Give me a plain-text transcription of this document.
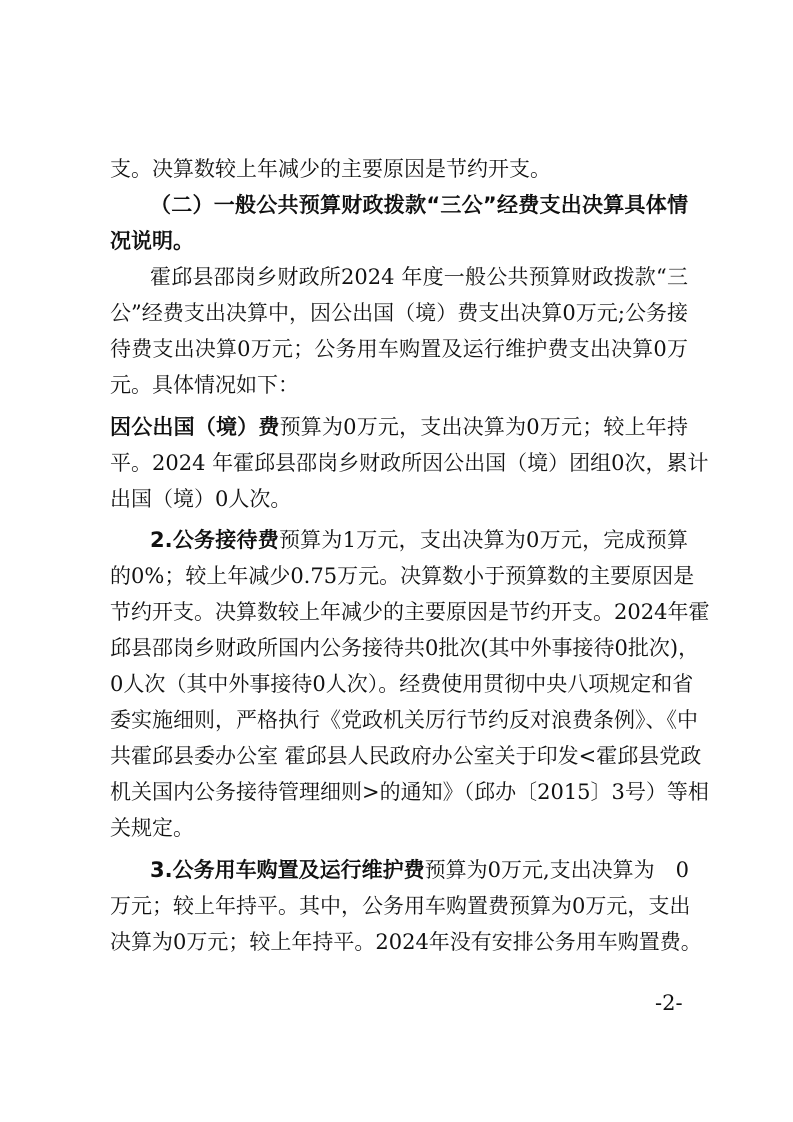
支。决算数较上年减少的主要原因是节约开支。
（二）一般公共预算财政拨款“三公”经费支出决算具体情
况说明。
霍邱县邵岗乡财政所2024 年度一般公共预算财政拨款“三
公”经费支出决算中，因公出国（境）费支出决算0万元;公务接
待费支出决算0万元；公务用车购置及运行维护费支出决算0万
元。具体情况如下：
因公出国（境）费预算为0万元，支出决算为0万元；较上年持
平。2024 年霍邱县邵岗乡财政所因公出国（境）团组0次，累计
出国（境）0人次。
2.公务接待费预算为1万元，支出决算为0万元，完成预算
的0%；较上年减少0.75万元。决算数小于预算数的主要原因是
节约开支。决算数较上年减少的主要原因是节约开支。2024年霍
邱县邵岗乡财政所国内公务接待共0批次(其中外事接待0批次)，
0人次（其中外事接待0人次）。经费使用贯彻中央八项规定和省
委实施细则，严格执行《党政机关厉行节约反对浪费条例》、《中
共霍邱县委办公室 霍邱县人民政府办公室关于印发<霍邱县党政
机关国内公务接待管理细则>的通知》（邱办〔2015〕3号）等相
关规定。
3.公务用车购置及运行维护费预算为0万元,支出决算为　0
万元；较上年持平。其中，公务用车购置费预算为0万元，支出
决算为0万元；较上年持平。2024年没有安排公务用车购置费。
-2-
